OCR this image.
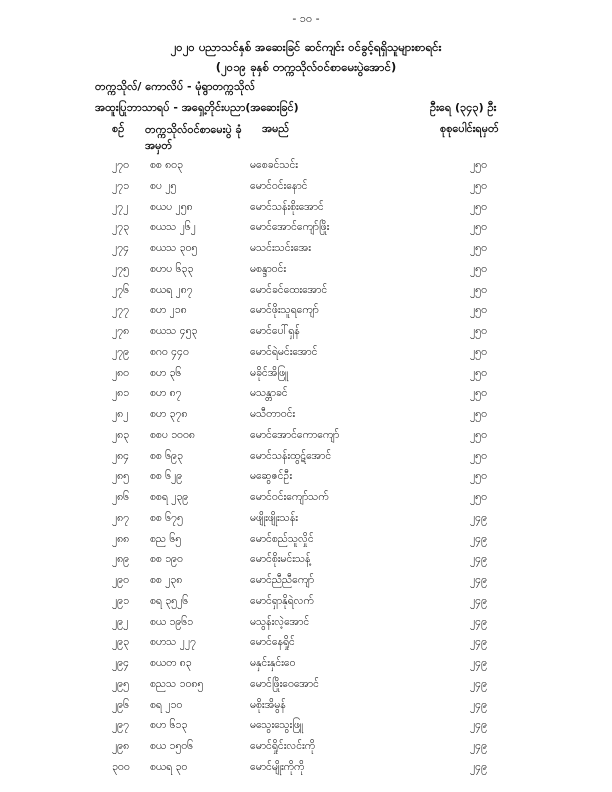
- ၁၀ -
၂၀၂၀ ပညာသင်နှစ် အဆေးခြင် ဆင်ကျင်း ဝင်ခွင့်ရရှိသူများစာရင်း
(၂၀၁၉ ခုနှစ် တက္ကသိုလ်ဝင်စာမေးပွဲအောင်)
တက္ကသိုလ်/ ကောလိပ် - မုံရွာတက္ကသိုလ်
အထူးပြုဘာသာရပ် - အရှေ့တိုင်းပညာ(အဆေးခြင်)	ဦးရေ (၃၄၃) ဦး
စဉ် တက္ကသိုလ်ဝင်စာမေးပွဲ ခုံအမှတ်
အမည်	စုစုပေါင်းရမှတ်
၂၇၀ စစ ၈၀၃	မစေခင်သင်း	၂၅၀
၂၇၁ စပ ၂၅	မောင်ဝင်းနောင်	၂၅၀
၂၇၂ စယပ ၂၅၈	မောင်သန်းစိုးအောင်	၂၅၀
၂၇၃ စယသ ၂၆၂	မောင်အောင်ကျော်ဖြိုး	၂၅၀
၂၇၄ စယသ ၃၀၅	မသင်းသင်းအေး	၂၅၀
၂၇၅ စဟပ ၆၃၃	မစန္ဒာဝင်း	၂၅၀
၂၇၆ စယရ ၂၈၇	မောင်ခင်ထေးအောင်	၂၅၀
၂၇၇ စဟ ၂၁၈	မောင်ဖိုးသူရကျော်	၂၅၀
၂၇၈ စယသ ၄၅၃	မောင်ပေါ်ရှန်	၂၅၀
၂၇၉ စဂ၀ ၄၄၀	မောင်ရဲမင်းအောင်	၂၅၀
၂၈၀ စဟ ၃၆	မခိုင်အိဖြူ	၂၅၀
၂၈၁ စဟ ၈၇	မသန္တာခင်	၂၅၀
၂၈၂ စဟ ၃၇၈	မသီတာဝင်း	၂၅၀
၂၈၃ စစပ ၁၀၀၈	မောင်အောင်ကောကျော်	၂၅၀
၂၈၄ စစ ၆၉၃	မောင်သန်းထွဋ်အောင်	၂၅၀
၂၈၅ စစ ၆၂၉	မဆွေဇင်ဦး	၂၅၀
၂၈၆ စစရ ၂၃၉	မောင်ဝင်းကျော်သက်	၂၅၀
၂၈၇ စစ ၆၇၅	မဖျိုးဖျိုးသန်း	၂၄၉
၂၈၈ စည ၆၅	မောင်စည်သူလှိုင်	၂၄၉
၂၈၉ စစ ၁၉၀	မောင်စိုးမင်းသန့်	၂၄၉
၂၉၀ စစ ၂၃၈	မောင်ညီညီကျော်	၂၄၉
၂၉၁ စရ ၃၅၂၆	မောင်ရှာနိုရဲလက်	၂၄၉
၂၉၂ စယ ၁၉၆၁	မသွန်းလဲ့အောင်	၂၄၉
၂၉၃ စဟသ ၂၂၇	မောင်နေရှိုင်	၂၄၉
၂၉၄ စယတ ၈၃	မနှင်းနှင်းဝေ	၂၄၉
၂၉၅ စညသ ၁၀၈၅	မောင်ဖြိုးဝေအောင်	၂၄၉
၂၉၆ စရ ၂၁၀	မစိုးအိမွန်	၂၄၉
၂၉၇ စဟ ၆၁၃	မသွေးသွေးဖြူ	၂၄၉
၂၉၈ စယ ၁၅၀၆	မောင်ရှိုင်းလင်းကို	၂၄၉
၃၀၀ စယရ ၃၀	မောင်မျိုးကိုကို	၂၄၉
